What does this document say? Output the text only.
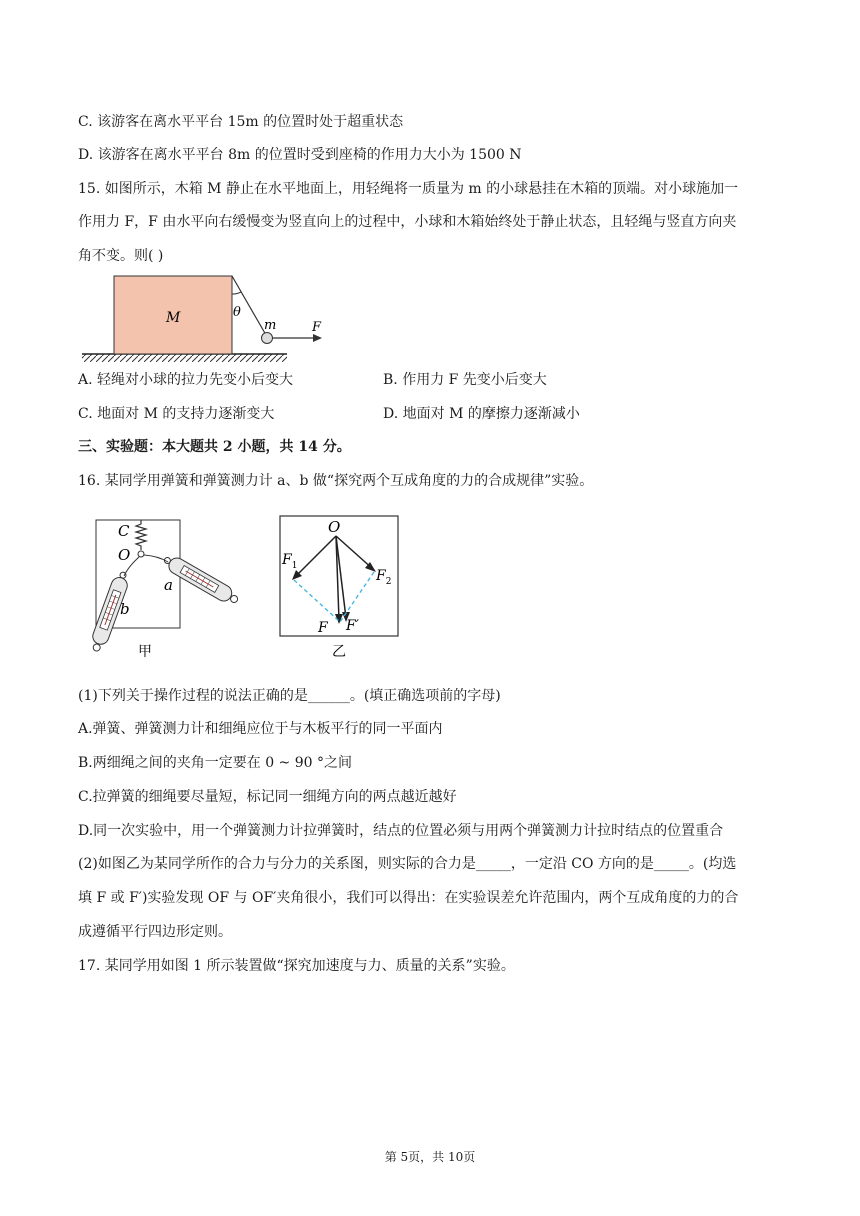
C. 该游客在离水平平台 15m 的位置时处于超重状态
D. 该游客在离水平平台 8m 的位置时受到座椅的作用力大小为 1500 N
15. 如图所示，木箱 M 静止在水平地面上，用轻绳将一质量为 m 的小球悬挂在木箱的顶端。对小球施加一
作用力 F，F 由水平向右缓慢变为竖直向上的过程中，小球和木箱始终处于静止状态，且轻绳与竖直方向夹
角不变。则( )
M	θ
m	F
A. 轻绳对小球的拉力先变小后变大	B. 作用力 F 先变小后变大
C. 地面对 M 的支持力逐渐变大	D. 地面对 M 的摩擦力逐渐减小
三、实验题：本大题共 2 小题，共 14 分。
16. 某同学用弹簧和弹簧测力计 a、b 做“探究两个互成角度的力的合成规律”实验。
C
O
a
b
甲
O
$F_1$
$F_2$
F F′
乙
(1)下列关于操作过程的说法正确的是______。(填正确选项前的字母)
A.弹簧、弹簧测力计和细绳应位于与木板平行的同一平面内
B.两细绳之间的夹角一定要在 0 ~ 90 °之间
C.拉弹簧的细绳要尽量短，标记同一细绳方向的两点越近越好
D.同一次实验中，用一个弹簧测力计拉弹簧时，结点的位置必须与用两个弹簧测力计拉时结点的位置重合
(2)如图乙为某同学所作的合力与分力的关系图，则实际的合力是_____，一定沿 CO 方向的是_____。(均选
填 F 或 F′)实验发现 OF 与 OF′夹角很小，我们可以得出：在实验误差允许范围内，两个互成角度的力的合
成遵循平行四边形定则。
17. 某同学用如图 1 所示装置做“探究加速度与力、质量的关系”实验。
第 5页，共 10页
